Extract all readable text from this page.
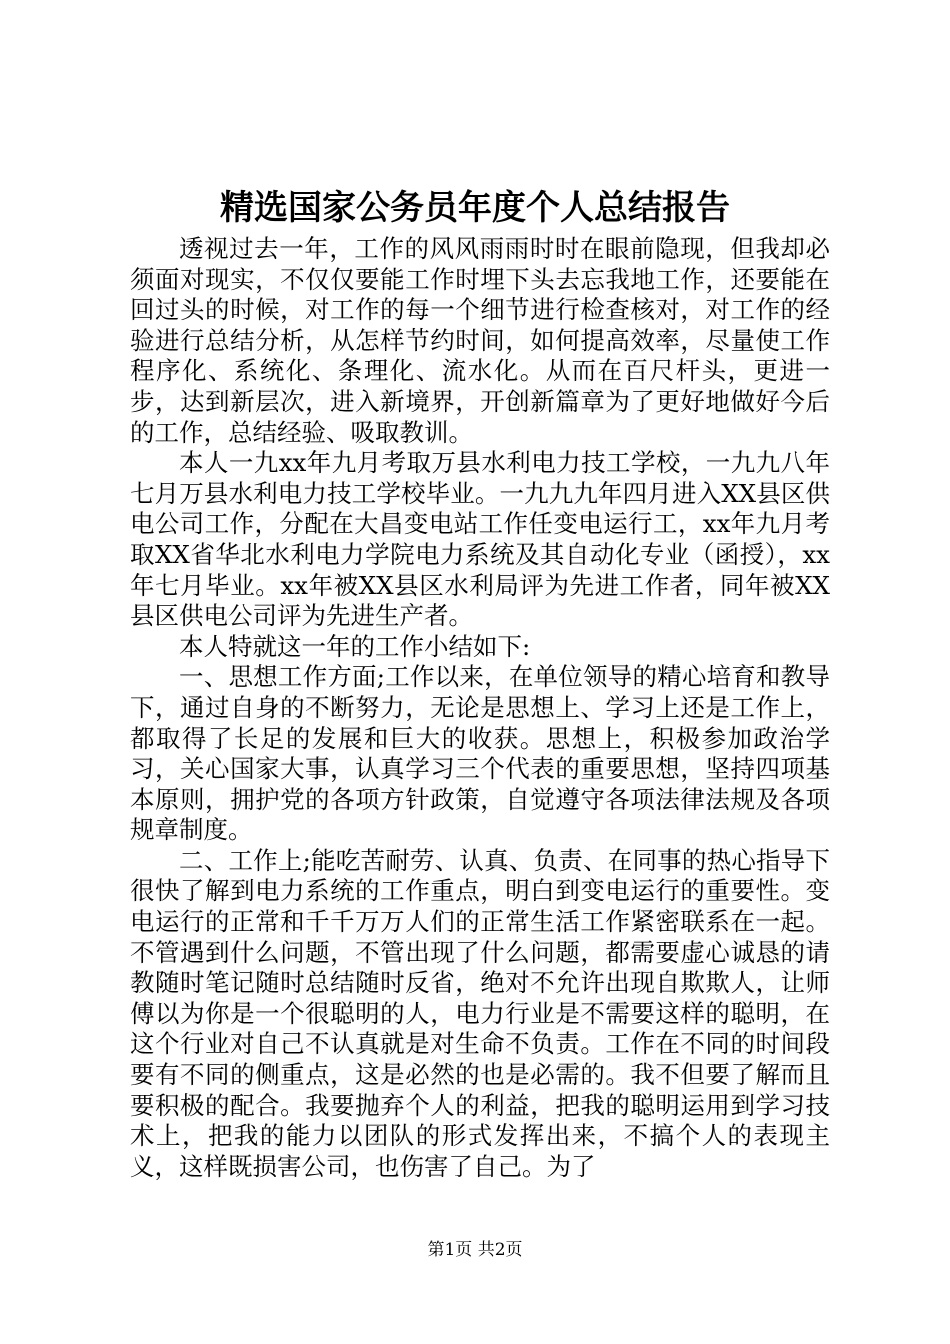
精选国家公务员年度个人总结报告

透视过去一年，工作的风风雨雨时时在眼前隐现，但我却必须面对现实，不仅仅要能工作时埋下头去忘我地工作，还要能在回过头的时候，对工作的每一个细节进行检查核对，对工作的经验进行总结分析，从怎样节约时间，如何提高效率，尽量使工作程序化、系统化、条理化、流水化。从而在百尺杆头，更进一步，达到新层次，进入新境界，开创新篇章为了更好地做好今后的工作，总结经验、吸取教训。

本人一九xx年九月考取万县水利电力技工学校，一九九八年七月万县水利电力技工学校毕业。一九九九年四月进入XX县区供电公司工作，分配在大昌变电站工作任变电运行工，xx年九月考取XX省华北水利电力学院电力系统及其自动化专业（函授），xx年七月毕业。xx年被XX县区水利局评为先进工作者，同年被XX县区供电公司评为先进生产者。

本人特就这一年的工作小结如下:

一、思想工作方面;工作以来，在单位领导的精心培育和教导下，通过自身的不断努力，无论是思想上、学习上还是工作上，都取得了长足的发展和巨大的收获。思想上，积极参加政治学习，关心国家大事，认真学习三个代表的重要思想，坚持四项基本原则，拥护党的各项方针政策，自觉遵守各项法律法规及各项规章制度。

二、工作上;能吃苦耐劳、认真、负责、在同事的热心指导下很快了解到电力系统的工作重点，明白到变电运行的重要性。变电运行的正常和千千万万人们的正常生活工作紧密联系在一起。不管遇到什么问题，不管出现了什么问题，都需要虚心诚恳的请教随时笔记随时总结随时反省，绝对不允许出现自欺欺人，让师傅以为你是一个很聪明的人，电力行业是不需要这样的聪明，在这个行业对自己不认真就是对生命不负责。工作在不同的时间段要有不同的侧重点，这是必然的也是必需的。我不但要了解而且要积极的配合。我要抛弃个人的利益，把我的聪明运用到学习技术上，把我的能力以团队的形式发挥出来，不搞个人的表现主义，这样既损害公司，也伤害了自己。为了

第1页 共2页
